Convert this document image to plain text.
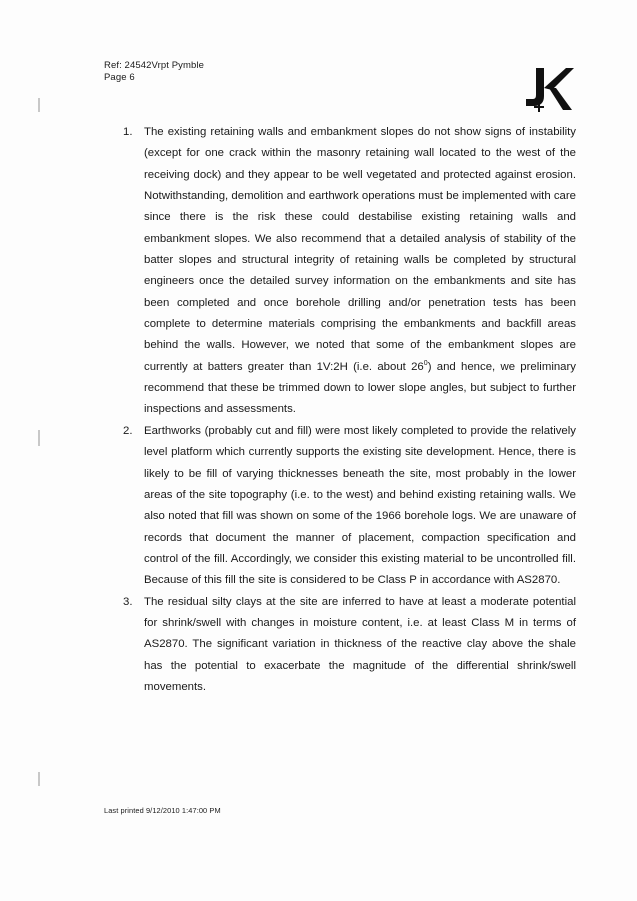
Ref: 24542Vrpt Pymble
Page 6
1. The existing retaining walls and embankment slopes do not show signs of instability (except for one crack within the masonry retaining wall located to the west of the receiving dock) and they appear to be well vegetated and protected against erosion. Notwithstanding, demolition and earthwork operations must be implemented with care since there is the risk these could destabilise existing retaining walls and embankment slopes. We also recommend that a detailed analysis of stability of the batter slopes and structural integrity of retaining walls be completed by structural engineers once the detailed survey information on the embankments and site has been completed and once borehole drilling and/or penetration tests has been complete to determine materials comprising the embankments and backfill areas behind the walls. However, we noted that some of the embankment slopes are currently at batters greater than 1V:2H (i.e. about $26^0$) and hence, we preliminary recommend that these be trimmed down to lower slope angles, but subject to further inspections and assessments.
2. Earthworks (probably cut and fill) were most likely completed to provide the relatively level platform which currently supports the existing site development. Hence, there is likely to be fill of varying thicknesses beneath the site, most probably in the lower areas of the site topography (i.e. to the west) and behind existing retaining walls. We also noted that fill was shown on some of the 1966 borehole logs. We are unaware of records that document the manner of placement, compaction specification and control of the fill. Accordingly, we consider this existing material to be uncontrolled fill. Because of this fill the site is considered to be Class P in accordance with AS2870.
3. The residual silty clays at the site are inferred to have at least a moderate potential for shrink/swell with changes in moisture content, i.e. at least Class M in terms of AS2870. The significant variation in thickness of the reactive clay above the shale has the potential to exacerbate the magnitude of the differential shrink/swell movements.
Last printed 9/12/2010 1:47:00 PM
